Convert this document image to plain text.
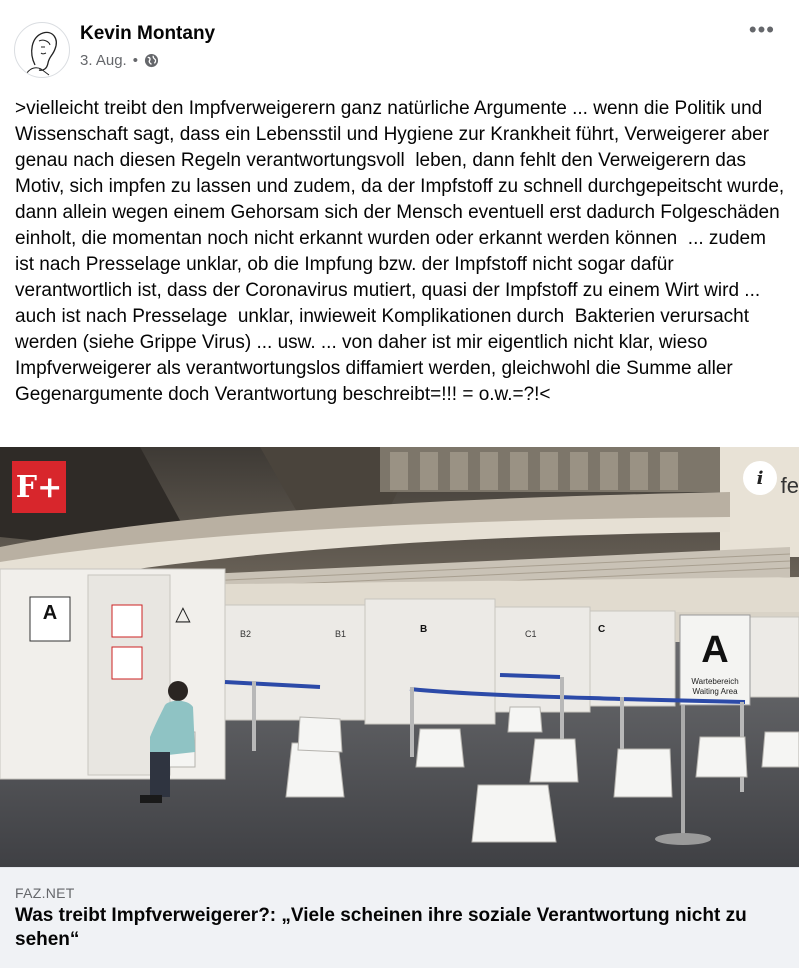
Kevin Montany
3. Aug. •
•••
>vielleicht treibt den Impfverweigerern ganz natürliche Argumente ... wenn die Politik und Wissenschaft sagt, dass ein Lebensstil und Hygiene zur Krankheit führt, Verweigerer aber genau nach diesen Regeln verantwortungsvoll  leben, dann fehlt den Verweigerern das Motiv, sich impfen zu lassen und zudem, da der Impfstoff zu schnell durchgepeitscht wurde,  dann allein wegen einem Gehorsam sich der Mensch eventuell erst dadurch Folgeschäden einholt, die momentan noch nicht erkannt wurden oder erkannt werden können  ... zudem ist nach Presselage unklar, ob die Impfung bzw. der Impfstoff nicht sogar dafür verantwortlich ist, dass der Coronavirus mutiert, quasi der Impfstoff zu einem Wirt wird ...   auch ist nach Presselage  unklar, inwieweit Komplikationen durch  Bakterien verursacht werden (siehe Grippe Virus) ... usw. ... von daher ist mir eigentlich nicht klar, wieso Impfverweigerer als verantwortungslos diffamiert werden, gleichwohl die Summe aller Gegenargumente doch Verantwortung beschreibt=!!! = o.w.=?!<
A	△
B2	B1	B	C1	C	A
Wartebereich
Waiting Area
F+	fe
i
FAZ.NET
Was treibt Impfverweigerer?: „Viele scheinen ihre soziale Verantwortung nicht zu sehen“
